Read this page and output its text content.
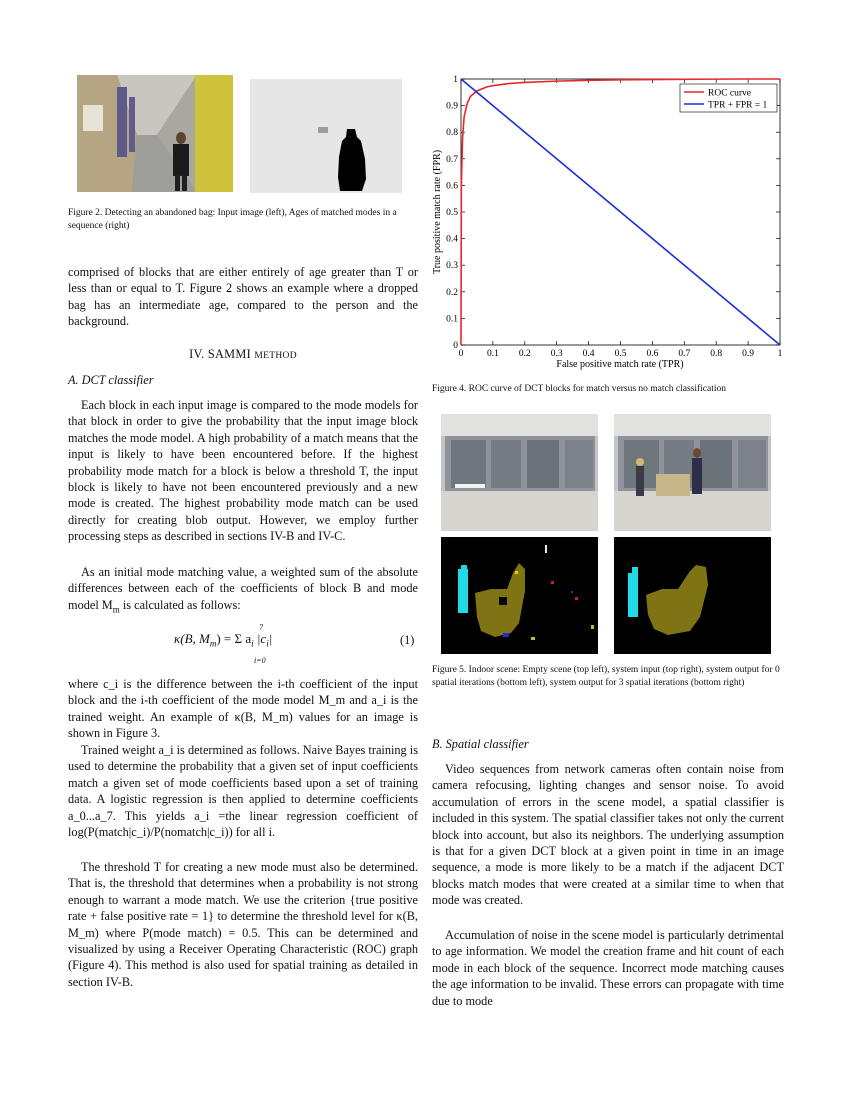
Figure 2. Detecting an abandoned bag: Input image (left), Ages of matched modes in a sequence (right)

comprised of blocks that are either entirely of age greater than T or less than or equal to T. Figure 2 shows an example where a dropped bag has an intermediate age, compared to the person and the background.

IV. SAMMI METHOD
A. DCT classifier

Each block in each input image is compared to the mode models for that block in order to give the probability that the input image block matches the mode model. A high probability of a match means that the input is likely to have been encountered before. If the highest probability mode match for a block is below a threshold T, the input block is likely to have not been encountered previously and a new mode is created. The highest probability mode match can be used directly for creating blob output. However, we employ further processing steps as described in sections IV-B and IV-C.

As an initial mode matching value, a weighted sum of the absolute differences between each of the coefficients of block B and mode model $M_m$ is calculated as follows:

κ(B, $M_m) = \Sigma$ $a_i$ $|c_i|$
7
i=0
(1)

where c_i is the difference between the i-th coefficient of the input block and the i-th coefficient of the mode model M_m and a_i is the trained weight. An example of κ(B, M_m) values for an image is shown in Figure 3.

Trained weight a_i is determined as follows. Naive Bayes training is used to determine the probability that a given set of input coefficients match a given set of mode coefficients based upon a set of training data. A logistic regression is then applied to determine coefficients a_0...a_7. This yields a_i =the linear regression coefficient of log(P(match|c_i)/P(nomatch|c_i)) for all i.

The threshold T for creating a new mode must also be determined. That is, the threshold that determines when a probability is not strong enough to warrant a mode match. We use the criterion {true positive rate + false positive rate = 1} to determine the threshold level for κ(B, M_m) where P(mode match) = 0.5. This can be determined and visualized by using a Receiver Operating Characteristic (ROC) graph (Figure 4). This method is also used for spatial training as detailed in section IV-B.

0 0.1 0.2 0.3 0.4 0.5 0.6 0.7 0.8 0.9 1
0
0.1
0.2
0.3
0.4
0.5
0.6
0.7
0.8
0.9
1
ROC curve
TPR + FPR = 1
False positive match rate (TPR)
True positive match rate (FPR)

Figure 4. ROC curve of DCT blocks for match versus no match classification

Figure 5. Indoor scene: Empty scene (top left), system input (top right), system output for 0 spatial iterations (bottom left), system output for 3 spatial iterations (bottom right)

B. Spatial classifier

Video sequences from network cameras often contain noise from camera refocusing, lighting changes and sensor noise. To avoid accumulation of errors in the scene model, a spatial classifier is included in this system. The spatial classifier takes not only the current block into account, but also its neighbors. The underlying assumption is that for a given DCT block at a given point in time in an image sequence, a mode is more likely to be a match if the adjacent DCT blocks match modes that were created at a similar time to when that mode was created.

Accumulation of noise in the scene model is particularly detrimental to age information. We model the creation frame and hit count of each mode in each block of the sequence. Incorrect mode matching causes the age information to be invalid. These errors can propagate with time due to mode
